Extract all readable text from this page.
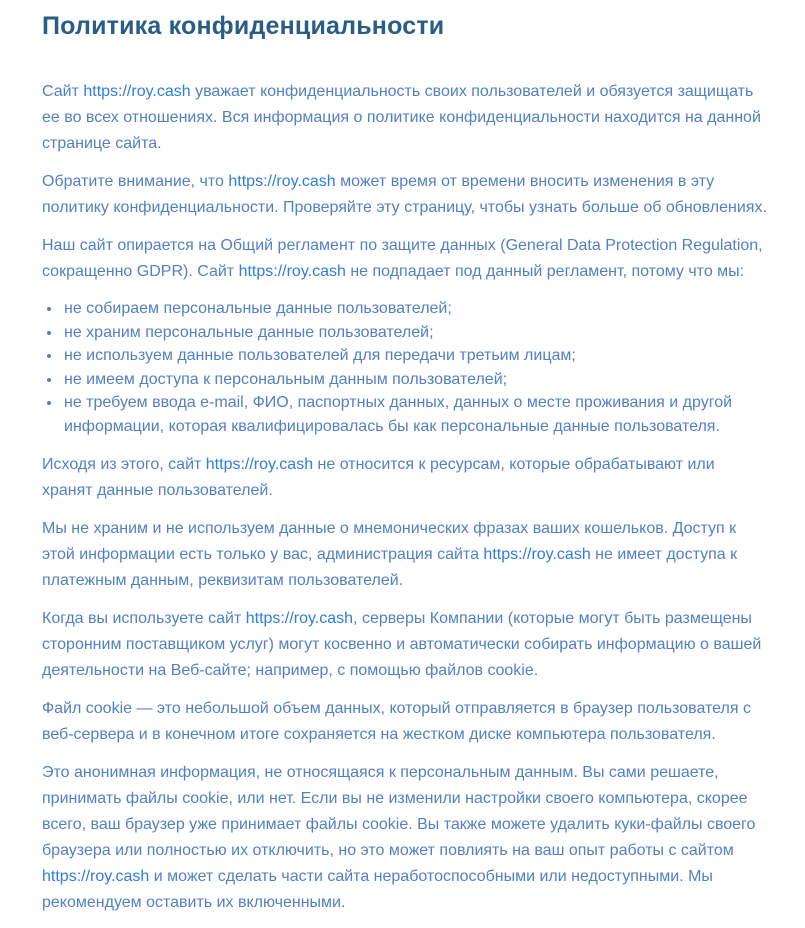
Политика конфиденциальности

Сайт https://roy.cash уважает конфиденциальность своих пользователей и обязуется защищать ее во всех отношениях. Вся информация о политике конфиденциальности находится на данной странице сайта.

Обратите внимание, что https://roy.cash может время от времени вносить изменения в эту политику конфиденциальности. Проверяйте эту страницу, чтобы узнать больше об обновлениях.

Наш сайт опирается на Общий регламент по защите данных (General Data Protection Regulation, сокращенно GDPR). Сайт https://roy.cash не подпадает под данный регламент, потому что мы:

• не собираем персональные данные пользователей;
• не храним персональные данные пользователей;
• не используем данные пользователей для передачи третьим лицам;
• не имеем доступа к персональным данным пользователей;
• не требуем ввода e-mail, ФИО, паспортных данных, данных о месте проживания и другой информации, которая квалифицировалась бы как персональные данные пользователя.

Исходя из этого, сайт https://roy.cash не относится к ресурсам, которые обрабатывают или хранят данные пользователей.

Мы не храним и не используем данные о мнемонических фразах ваших кошельков. Доступ к этой информации есть только у вас, администрация сайта https://roy.cash не имеет доступа к платежным данным, реквизитам пользователей.

Когда вы используете сайт https://roy.cash, серверы Компании (которые могут быть размещены сторонним поставщиком услуг) могут косвенно и автоматически собирать информацию о вашей деятельности на Веб-сайте; например, с помощью файлов cookie.

Файл cookie — это небольшой объем данных, который отправляется в браузер пользователя с веб-сервера и в конечном итоге сохраняется на жестком диске компьютера пользователя.

Это анонимная информация, не относящаяся к персональным данным. Вы сами решаете, принимать файлы cookie, или нет. Если вы не изменили настройки своего компьютера, скорее всего, ваш браузер уже принимает файлы cookie. Вы также можете удалить куки-файлы своего браузера или полностью их отключить, но это может повлиять на ваш опыт работы с сайтом https://roy.cash и может сделать части сайта неработоспособными или недоступными. Мы рекомендуем оставить их включенными.
